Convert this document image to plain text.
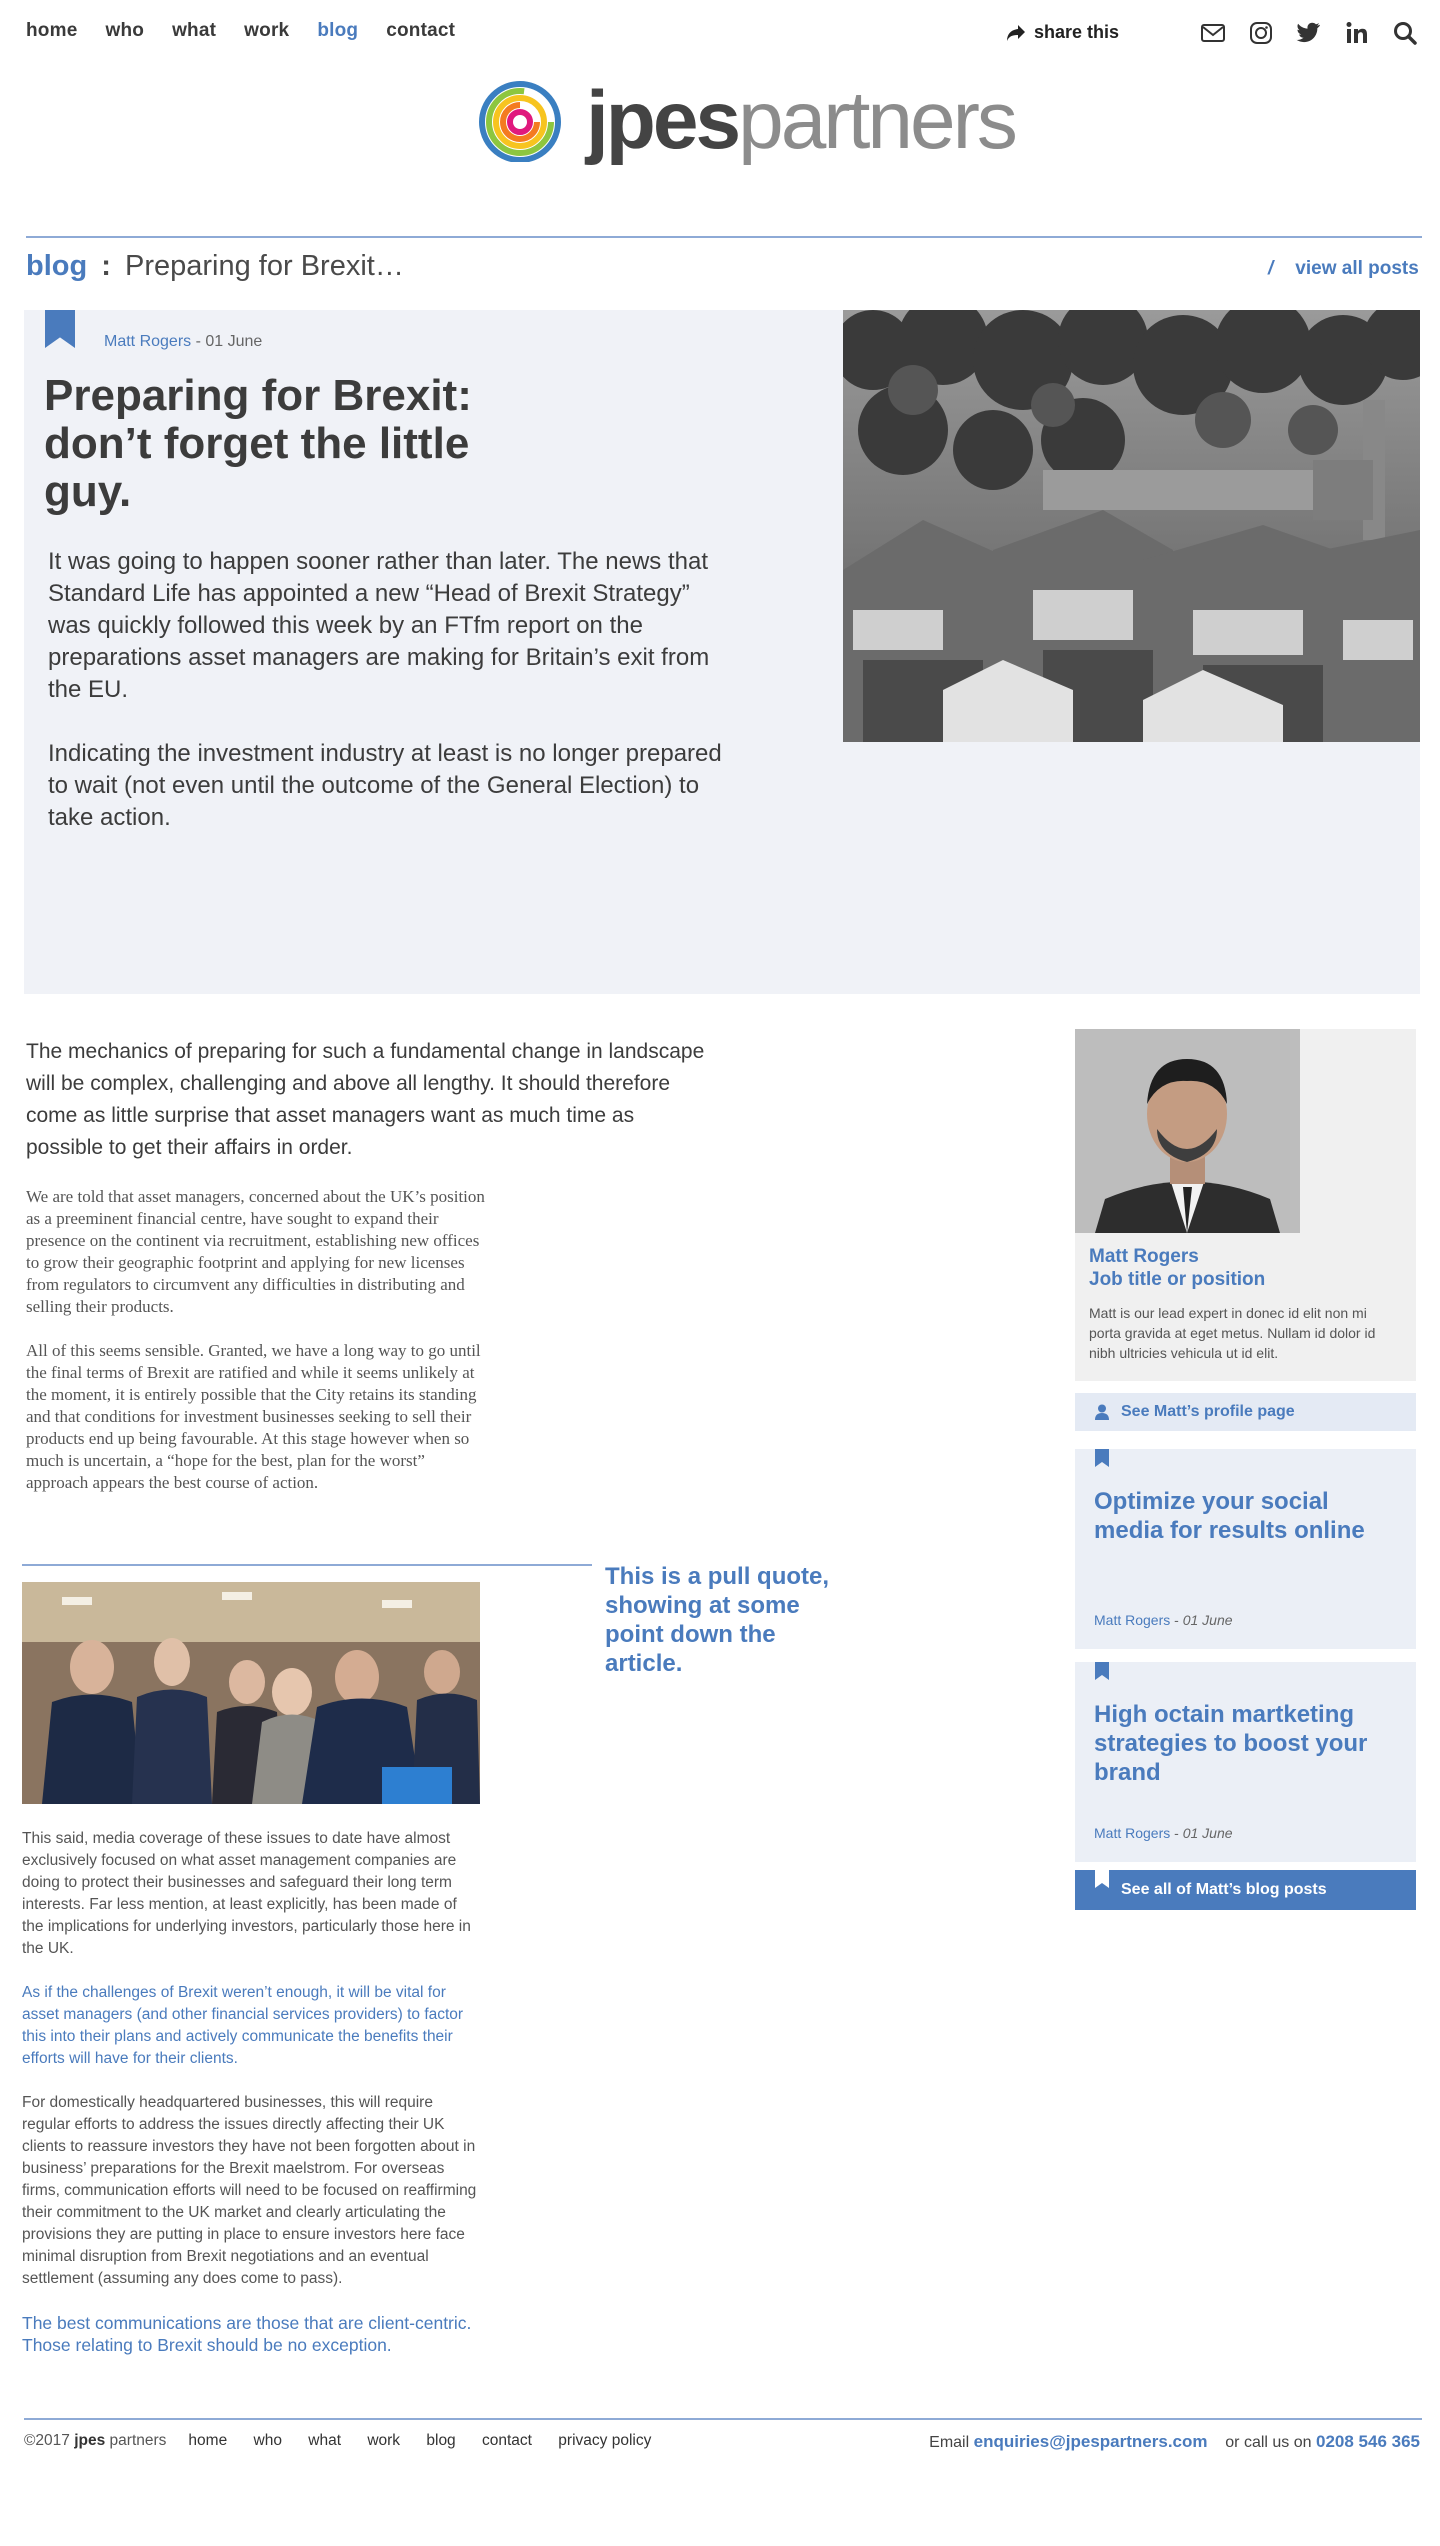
home who what work blog contact	share this
jpespartners
blog : Preparing for Brexit…	/ view all posts
Matt Rogers - 01 June
Preparing for Brexit: don’t forget the little guy.

It was going to happen sooner rather than later. The news that Standard Life has appointed a new “Head of Brexit Strategy” was quickly followed this week by an FTfm report on the preparations asset managers are making for Britain’s exit from the EU.

Indicating the investment industry at least is no longer prepared to wait (not even until the outcome of the General Election) to take action.

The mechanics of preparing for such a fundamental change in landscape will be complex, challenging and above all lengthy. It should therefore come as little surprise that asset managers want as much time as possible to get their affairs in order.

We are told that asset managers, concerned about the UK’s position as a preeminent financial centre, have sought to expand their presence on the continent via recruitment, establishing new offices to grow their geographic footprint and applying for new licenses from regulators to circumvent any difficulties in distributing and selling their products.

All of this seems sensible. Granted, we have a long way to go until the final terms of Brexit are ratified and while it seems unlikely at the moment, it is entirely possible that the City retains its standing and that conditions for investment businesses seeking to sell their products end up being favourable. At this stage however when so much is uncertain, a “hope for the best, plan for the worst” approach appears the best course of action.

This is a pull quote, showing at some point down the article.

This said, media coverage of these issues to date have almost exclusively focused on what asset management companies are doing to protect their businesses and safeguard their long term interests. Far less mention, at least explicitly, has been made of the implications for underlying investors, particularly those here in the UK.

As if the challenges of Brexit weren’t enough, it will be vital for asset managers (and other financial services providers) to factor this into their plans and actively communicate the benefits their efforts will have for their clients.

For domestically headquartered businesses, this will require regular efforts to address the issues directly affecting their UK clients to reassure investors they have not been forgotten about in business’ preparations for the Brexit maelstrom. For overseas firms, communication efforts will need to be focused on reaffirming their commitment to the UK market and clearly articulating the provisions they are putting in place to ensure investors here face minimal disruption from Brexit negotiations and an eventual settlement (assuming any does come to pass).

The best communications are those that are client-centric. Those relating to Brexit should be no exception.

Matt Rogers
Job title or position

Matt is our lead expert in donec id elit non mi porta gravida at eget metus. Nullam id dolor id nibh ultricies vehicula ut id elit.

See Matt’s profile page
Optimize your social media for results online
Matt Rogers - 01 June
High octain martketing strategies to boost your brand
Matt Rogers - 01 June
See all of Matt’s blog posts
©2017 jpes partners	home who what work blog contact privacy policy	Email enquiries@jpespartners.com or call us on 0208 546 365
